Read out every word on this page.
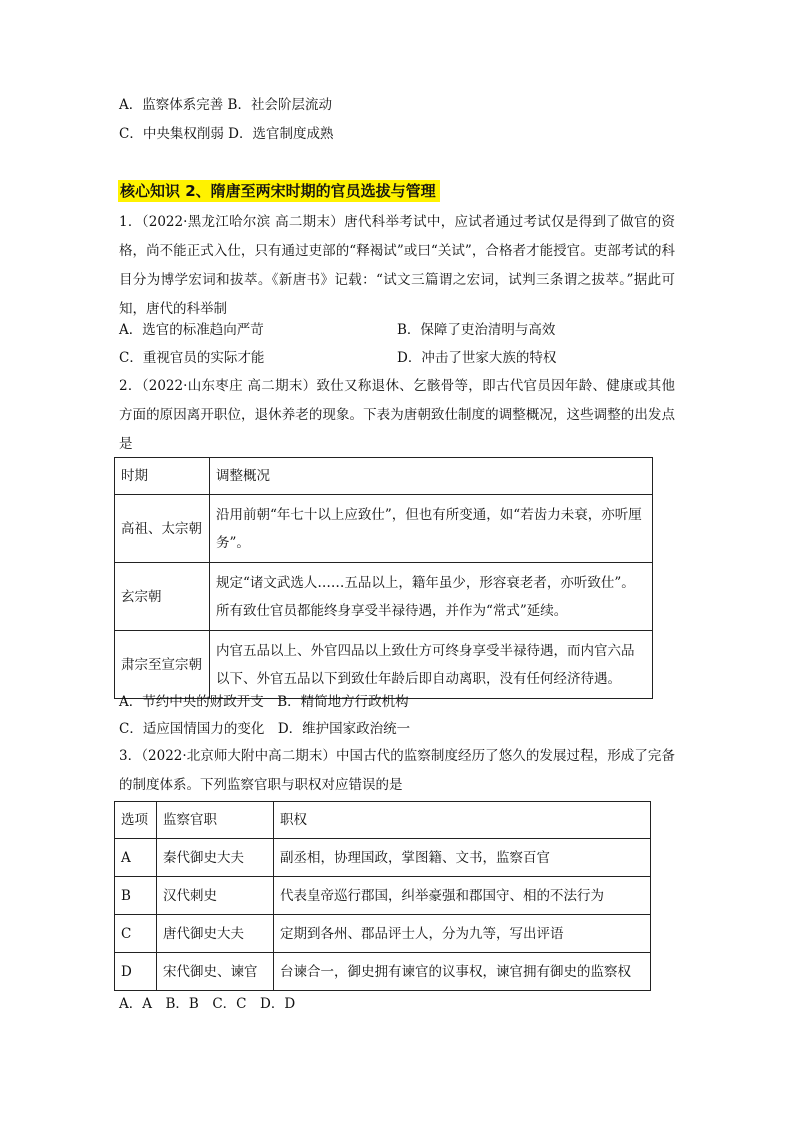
A．监察体系完善 B．社会阶层流动
C．中央集权削弱 D．选官制度成熟
核心知识 2、隋唐至两宋时期的官员选拔与管理
1．（2022·黑龙江哈尔滨 高二期末）唐代科举考试中，应试者通过考试仅是得到了做官的资格，尚不能正式入仕，只有通过吏部的“释褐试”或曰“关试”，合格者才能授官。吏部考试的科目分为博学宏词和拔萃。《新唐书》记载：“试文三篇谓之宏词，试判三条谓之拔萃。”据此可知，唐代的科举制
A．选官的标准趋向严苛	B．保障了吏治清明与高效
C．重视官员的实际才能	D．冲击了世家大族的特权
2．（2022·山东枣庄 高二期末）致仕又称退休、乞骸骨等，即古代官员因年龄、健康或其他方面的原因离开职位，退休养老的现象。下表为唐朝致仕制度的调整概况，这些调整的出发点是
时期	调整概况
高祖、太宗朝	沿用前朝“年七十以上应致仕”，但也有所变通，如“若齿力未衰，亦听厘务”。
玄宗朝	规定“诸文武选人……五品以上，籍年虽少，形容衰老者，亦听致仕”。所有致仕官员都能终身享受半禄待遇，并作为“常式”延续。
肃宗至宣宗朝	内官五品以上、外官四品以上致仕方可终身享受半禄待遇，而内官六品以下、外官五品以下到致仕年龄后即自动离职，没有任何经济待遇。
A．节约中央的财政开支　B．精简地方行政机构
C．适应国情国力的变化　D．维护国家政治统一
3．（2022·北京师大附中高二期末）中国古代的监察制度经历了悠久的发展过程，形成了完备的制度体系。下列监察官职与职权对应错误的是
选项	监察官职	职权
A	秦代御史大夫	副丞相，协理国政，掌图籍、文书，监察百官
B	汉代刺史	代表皇帝巡行郡国，纠举豪强和郡国守、相的不法行为
C	唐代御史大夫	定期到各州、郡品评士人，分为九等，写出评语
D	宋代御史、谏官	台谏合一，御史拥有谏官的议事权，谏官拥有御史的监察权
A．A　B．B　C．C　D．D
